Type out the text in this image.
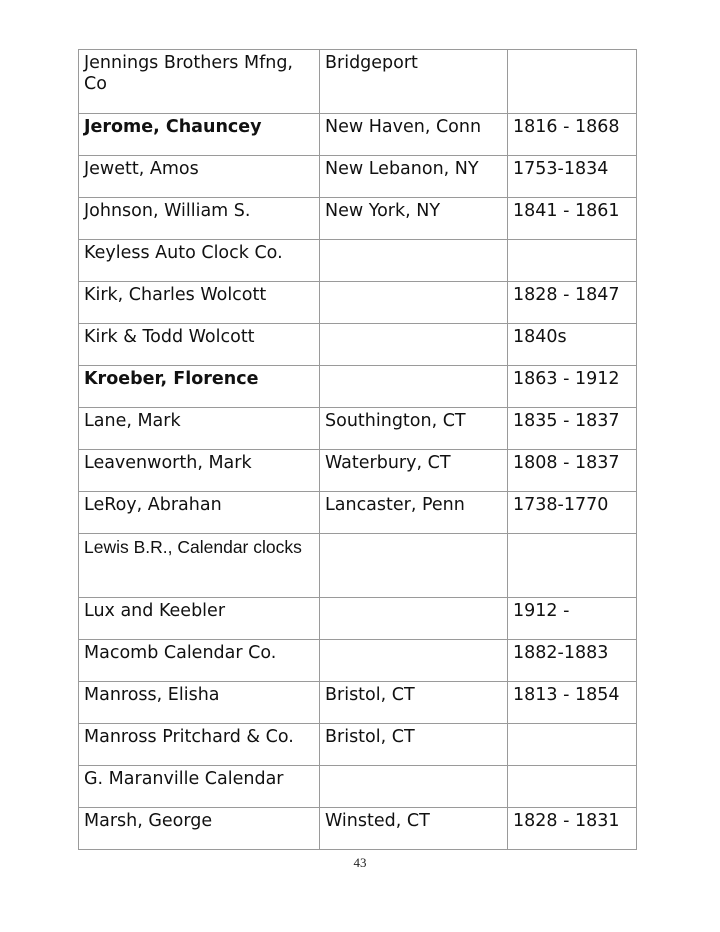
Jennings Brothers Mfng, Co	Bridgeport	
Jerome, Chauncey	New Haven, Conn	1816 - 1868
Jewett, Amos	New Lebanon, NY	1753-1834
Johnson, William S.	New York, NY	1841 - 1861
Keyless Auto Clock Co.		
Kirk, Charles Wolcott		1828 - 1847
Kirk & Todd Wolcott		1840s
Kroeber, Florence		1863 - 1912
Lane, Mark	Southington, CT	1835 - 1837
Leavenworth, Mark	Waterbury, CT	1808 - 1837
LeRoy, Abrahan	Lancaster, Penn	1738-1770
Lewis B.R., Calendar clocks		
Lux and Keebler		1912 -
Macomb Calendar Co.		1882-1883
Manross, Elisha	Bristol, CT	1813 - 1854
Manross Pritchard & Co.	Bristol, CT	
G. Maranville Calendar		
Marsh, George	Winsted, CT	1828 - 1831
43
